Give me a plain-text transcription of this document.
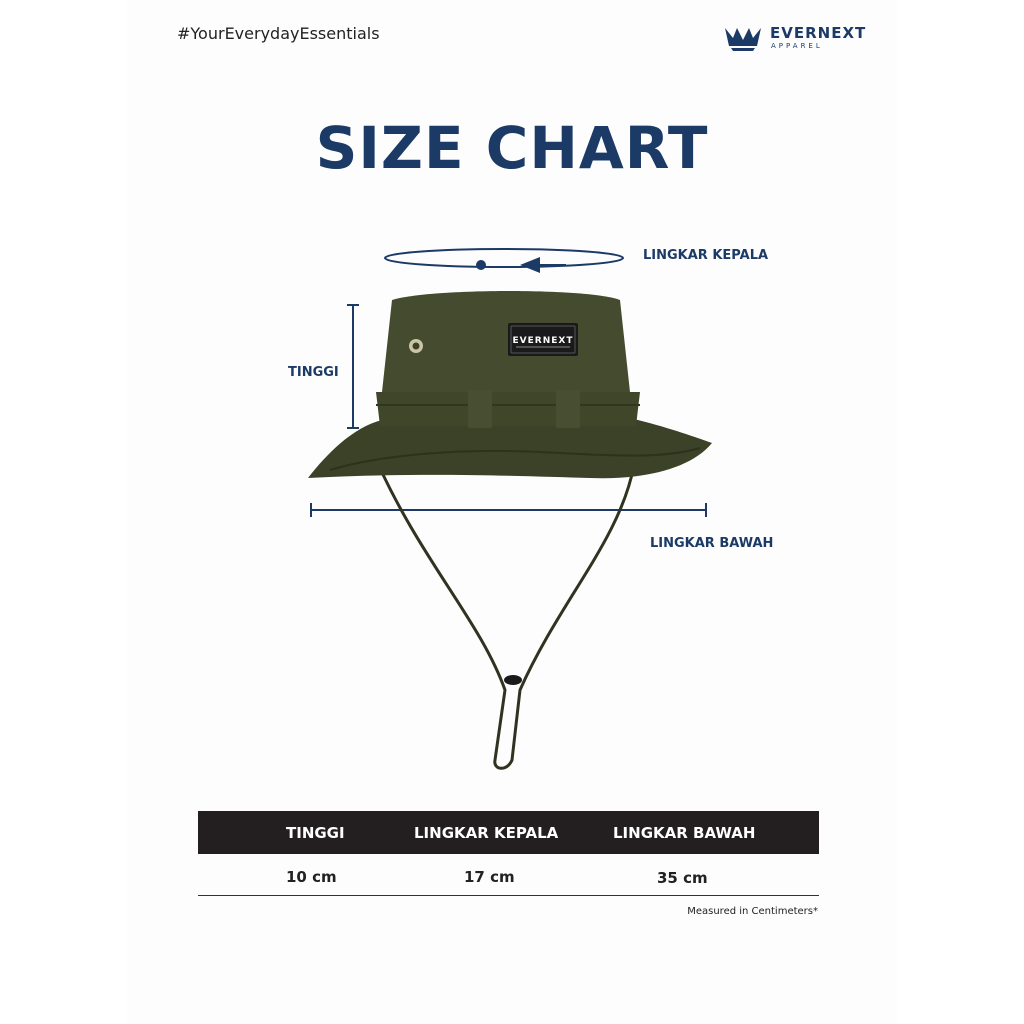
#YourEverydayEssentials	EVERNEXT
APPAREL
SIZE CHART
EVERNEXT
LINGKAR KEPALA
TINGGI
LINGKAR BAWAH
TINGGI	LINGKAR KEPALA	LINGKAR BAWAH
10 cm	17 cm	35 cm
Measured in Centimeters*
